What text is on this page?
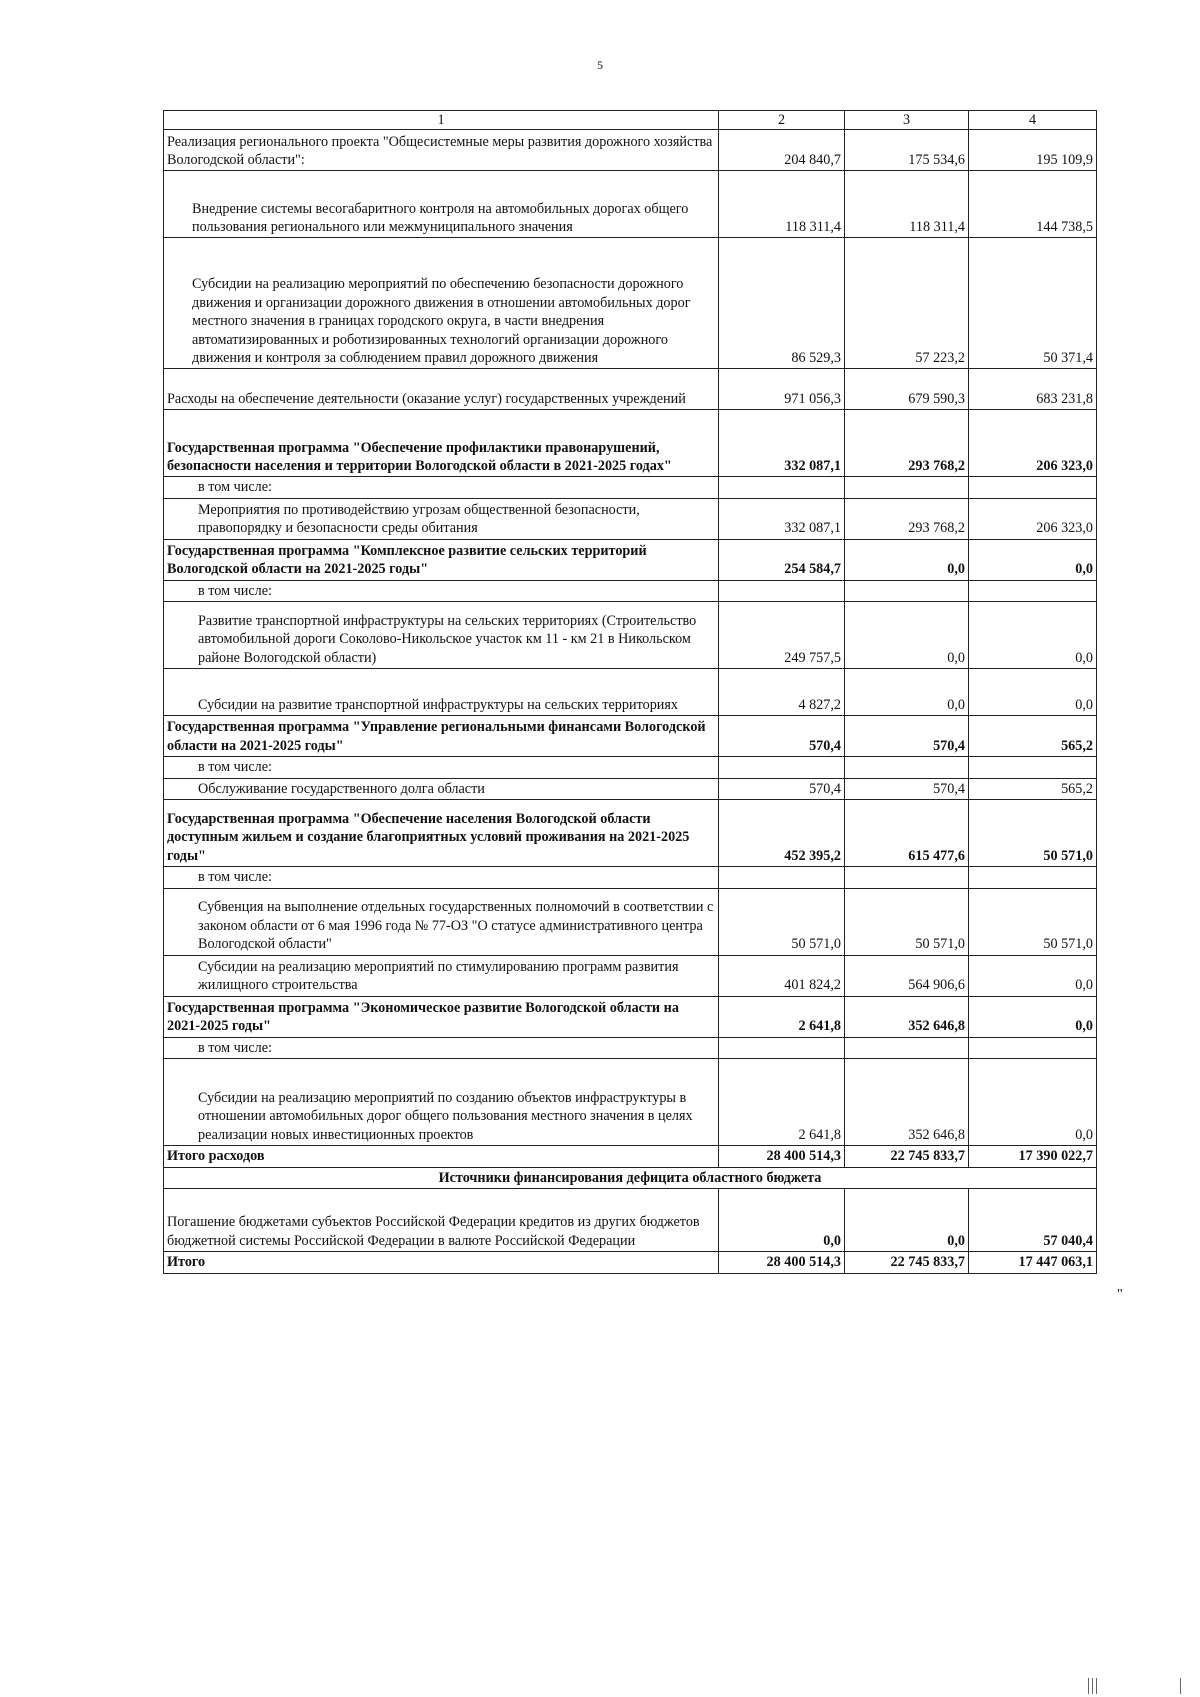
5
1	2	3	4
Реализация регионального проекта "Общесистемные меры развития дорожного хозяйства Вологодской области":	204 840,7	175 534,6	195 109,9
Внедрение системы весогабаритного контроля на автомобильных дорогах общего пользования регионального или межмуниципального значения	118 311,4	118 311,4	144 738,5
Субсидии на реализацию мероприятий по обеспечению безопасности дорожного движения и организации дорожного движения в отношении автомобильных дорог местного значения в границах городского округа, в части внедрения автоматизированных и роботизированных технологий организации дорожного движения и контроля за соблюдением правил дорожного движения	86 529,3	57 223,2	50 371,4
Расходы на обеспечение деятельности (оказание услуг) государственных учреждений	971 056,3	679 590,3	683 231,8
Государственная программа "Обеспечение профилактики правонарушений, безопасности населения и территории Вологодской области в 2021-2025 годах"	332 087,1	293 768,2	206 323,0
в том числе:			
Мероприятия по противодействию угрозам общественной безопасности, правопорядку и безопасности среды обитания	332 087,1	293 768,2	206 323,0
Государственная программа "Комплексное развитие сельских территорий Вологодской области на 2021-2025 годы"	254 584,7	0,0	0,0
в том числе:			
Развитие транспортной инфраструктуры на сельских территориях (Строительство автомобильной дороги Соколово-Никольское участок км 11 - км 21 в Никольском районе Вологодской области)	249 757,5	0,0	0,0
Субсидии на развитие транспортной инфраструктуры на сельских территориях	4 827,2	0,0	0,0
Государственная программа "Управление региональными финансами Вологодской области на 2021-2025 годы"	570,4	570,4	565,2
в том числе:			
Обслуживание государственного долга области	570,4	570,4	565,2
Государственная программа "Обеспечение населения Вологодской области доступным жильем и создание благоприятных условий проживания на 2021-2025 годы"	452 395,2	615 477,6	50 571,0
в том числе:			
Субвенция на выполнение отдельных государственных полномочий в соответствии с законом области от 6 мая 1996 года № 77-ОЗ "О статусе административного центра Вологодской области"	50 571,0	50 571,0	50 571,0
Субсидии на реализацию мероприятий по стимулированию программ развития жилищного строительства	401 824,2	564 906,6	0,0
Государственная программа "Экономическое развитие Вологодской области на 2021-2025 годы"	2 641,8	352 646,8	0,0
в том числе:			
Субсидии на реализацию мероприятий по созданию объектов инфраструктуры в отношении автомобильных дорог общего пользования местного значения в целях реализации новых инвестиционных проектов	2 641,8	352 646,8	0,0
Итого расходов	28 400 514,3	22 745 833,7	17 390 022,7
Источники финансирования дефицита областного бюджета			
Погашение бюджетами субъектов Российской Федерации кредитов из других бюджетов бюджетной системы Российской Федерации в валюте Российской Федерации	0,0	0,0	57 040,4
Итого	28 400 514,3	22 745 833,7	17 447 063,1
"
